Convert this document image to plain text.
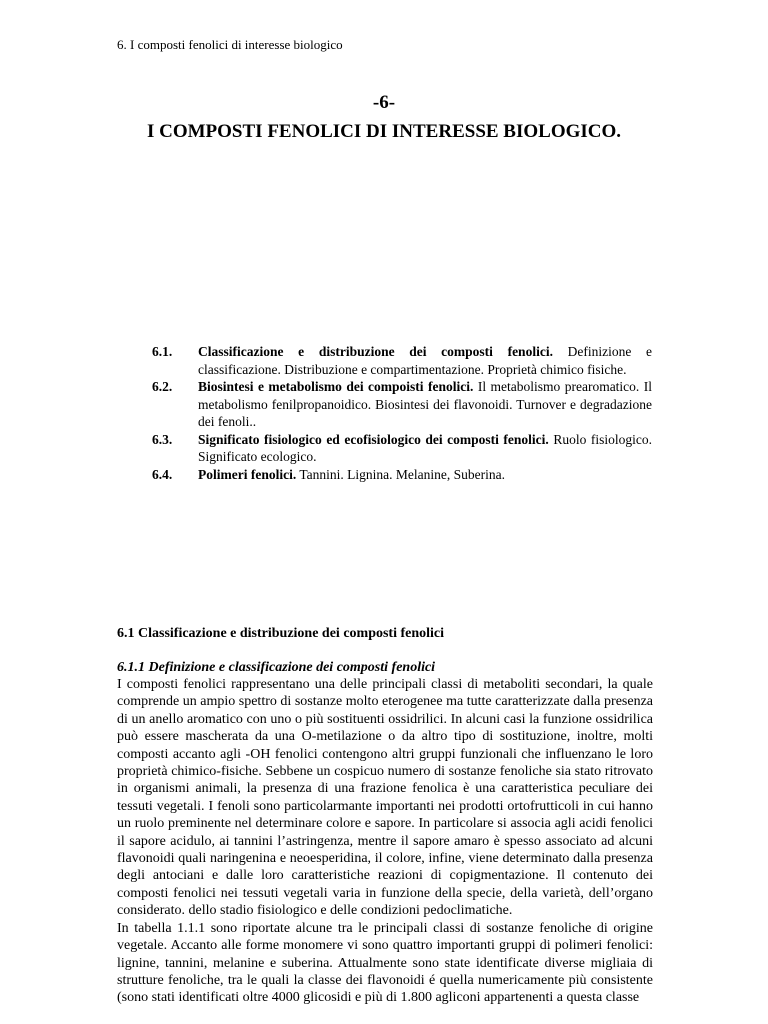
6. I composti fenolici di interesse biologico
-6-
I COMPOSTI FENOLICI DI INTERESSE BIOLOGICO.
6.1.	Classificazione e distribuzione dei composti fenolici. Definizione e classificazione. Distribuzione e compartimentazione. Proprietà chimico fisiche.
6.2.	Biosintesi e metabolismo dei compoisti fenolici. Il metabolismo prearomatico. Il metabolismo fenilpropanoidico. Biosintesi dei flavonoidi. Turnover e degradazione dei fenoli..
6.3.	Significato fisiologico ed ecofisiologico dei composti fenolici. Ruolo fisiologico. Significato ecologico.
6.4.	Polimeri fenolici. Tannini. Lignina. Melanine, Suberina.
6.1 Classificazione e distribuzione dei composti fenolici
6.1.1 Definizione e classificazione dei composti fenolici

I composti fenolici rappresentano una delle principali classi di metaboliti secondari, la quale comprende un ampio spettro di sostanze molto eterogenee ma tutte caratterizzate dalla presenza di un anello aromatico con uno o più sostituenti ossidrilici. In alcuni casi la funzione ossidrilica può essere mascherata da una O-metilazione o da altro tipo di sostituzione, inoltre, molti composti accanto agli -OH fenolici contengono altri gruppi funzionali che influenzano le loro proprietà chimico-fisiche. Sebbene un cospicuo numero di sostanze fenoliche sia stato ritrovato in organismi animali, la presenza di una frazione fenolica è una caratteristica peculiare dei tessuti vegetali. I fenoli sono particolarmante importanti nei prodotti ortofrutticoli in cui hanno un ruolo preminente nel determinare colore e sapore. In particolare si associa agli acidi fenolici il sapore acidulo, ai tannini l’astringenza, mentre il sapore amaro è spesso associato ad alcuni flavonoidi quali naringenina e neoesperidina, il colore, infine, viene determinato dalla presenza degli antociani e dalle loro caratteristiche reazioni di copigmentazione. Il contenuto dei composti fenolici nei tessuti vegetali varia in funzione della specie, della varietà, dell’organo considerato. dello stadio fisiologico e delle condizioni pedoclimatiche.

In tabella 1.1.1 sono riportate alcune tra le principali classi di sostanze fenoliche di origine vegetale. Accanto alle forme monomere vi sono quattro importanti gruppi di polimeri fenolici: lignine, tannini, melanine e suberina. Attualmente sono state identificate diverse migliaia di strutture fenoliche, tra le quali la classe dei flavonoidi é quella numericamente più consistente (sono stati identificati oltre 4000 glicosidi e più di 1.800 agliconi appartenenti a questa classe
